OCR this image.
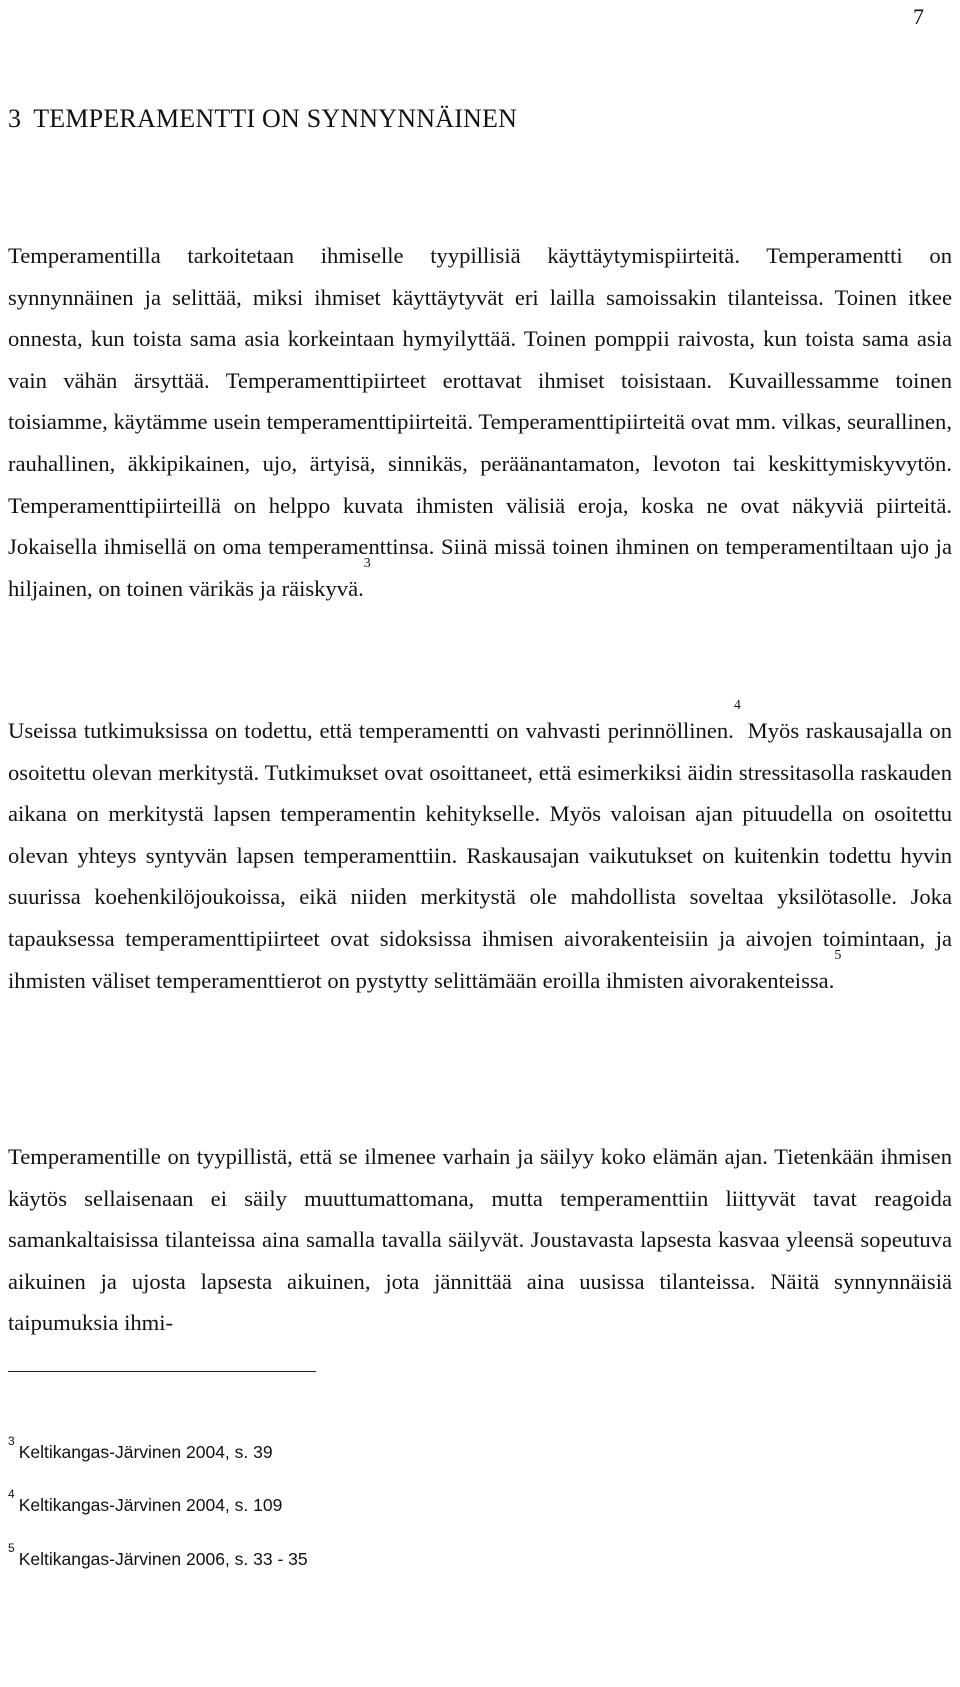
7
3 TEMPERAMENTTI ON SYNNYNNÄINEN

Temperamentilla tarkoitetaan ihmiselle tyypillisiä käyttäytymispiirteitä. Temperamentti on synnynnäinen ja selittää, miksi ihmiset käyttäytyvät eri lailla samoissakin tilanteissa. Toinen itkee onnesta, kun toista sama asia korkeintaan hymyilyttää. Toinen pomppii raivosta, kun toista sama asia vain vähän ärsyttää. Temperamenttipiirteet erottavat ihmiset toisistaan. Kuvaillessamme toinen toisiamme, käytämme usein temperamenttipiirteitä. Temperamenttipiirteitä ovat mm. vilkas, seurallinen, rauhallinen, äkkipikainen, ujo, ärtyisä, sinnikäs, peräänantamaton, levoton tai keskittymiskyvytön. Temperamenttipiirteillä on helppo kuvata ihmisten välisiä eroja, koska ne ovat näkyviä piirteitä. Jokaisella ihmisellä on oma temperamenttinsa. Siinä missä toinen ihminen on temperamentiltaan ujo ja hiljainen, on toinen värikäs ja räiskyvä.$^3$

Useissa tutkimuksissa on todettu, että temperamentti on vahvasti perinnöllinen.$^4$ Myös raskausajalla on osoitettu olevan merkitystä. Tutkimukset ovat osoittaneet, että esimerkiksi äidin stressitasolla raskauden aikana on merkitystä lapsen temperamentin kehitykselle. Myös valoisan ajan pituudella on osoitettu olevan yhteys syntyvän lapsen temperamenttiin. Raskausajan vaikutukset on kuitenkin todettu hyvin suurissa koehenkilöjoukoissa, eikä niiden merkitystä ole mahdollista soveltaa yksilötasolle. Joka tapauksessa temperamenttipiirteet ovat sidoksissa ihmisen aivorakenteisiin ja aivojen toimintaan, ja ihmisten väliset temperamenttierot on pystytty selittämään eroilla ihmisten aivorakenteissa.$^5$

Temperamentille on tyypillistä, että se ilmenee varhain ja säilyy koko elämän ajan. Tietenkään ihmisen käytös sellaisenaan ei säily muuttumattomana, mutta temperamenttiin liittyvät tavat reagoida samankaltaisissa tilanteissa aina samalla tavalla säilyvät. Joustavasta lapsesta kasvaa yleensä sopeutuva aikuinen ja ujosta lapsesta aikuinen, jota jännittää aina uusissa tilanteissa. Näitä synnynnäisiä taipumuksia ihmi-

$^3$Keltikangas-Järvinen 2004, s. 39

$^4$Keltikangas-Järvinen 2004, s. 109

$^5$Keltikangas-Järvinen 2006, s. 33 - 35
